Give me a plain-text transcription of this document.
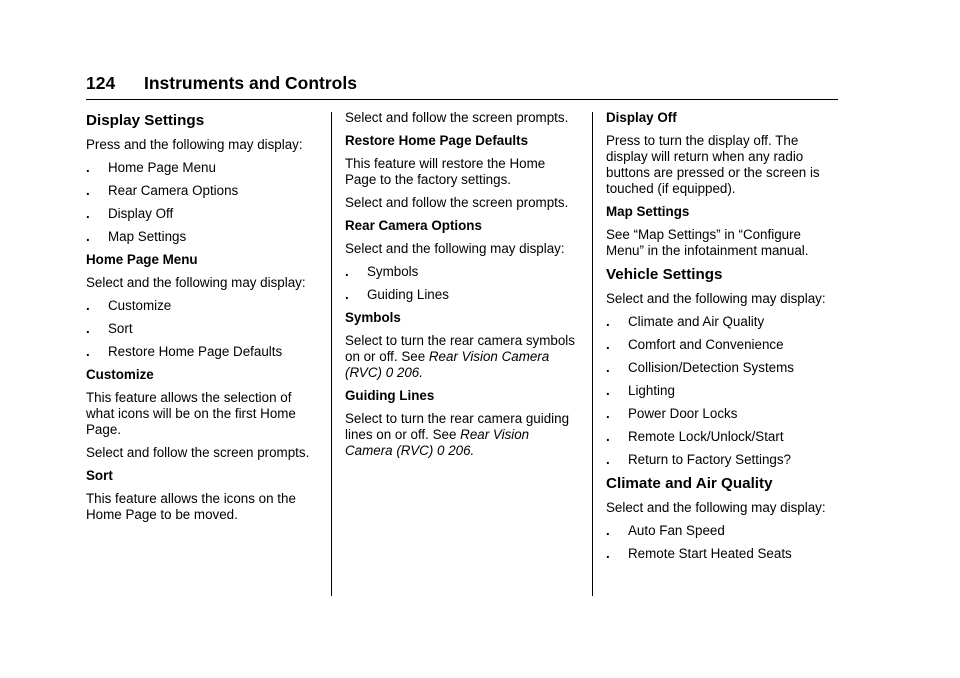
124 Instruments and Controls
Display Settings

Press and the following may display:

. Home Page Menu
. Rear Camera Options
. Display Off
. Map Settings
Home Page Menu

Select and the following may display:

. Customize
. Sort
. Restore Home Page Defaults
Customize

This feature allows the selection of what icons will be on the first Home Page.

Select and follow the screen prompts.

Sort

This feature allows the icons on the Home Page to be moved.

Select and follow the screen prompts.

Restore Home Page Defaults

This feature will restore the Home Page to the factory settings.

Select and follow the screen prompts.

Rear Camera Options

Select and the following may display:

. Symbols
. Guiding Lines
Symbols

Select to turn the rear camera symbols on or off. See Rear Vision Camera (RVC) 0 206.

Guiding Lines

Select to turn the rear camera guiding lines on or off. See Rear Vision Camera (RVC) 0 206.

Display Off

Press to turn the display off. The display will return when any radio buttons are pressed or the screen is touched (if equipped).

Map Settings

See “Map Settings” in “Configure Menu” in the infotainment manual.

Vehicle Settings

Select and the following may display:

. Climate and Air Quality
. Comfort and Convenience
. Collision/Detection Systems
. Lighting
. Power Door Locks
. Remote Lock/Unlock/Start
. Return to Factory Settings?
Climate and Air Quality

Select and the following may display:

. Auto Fan Speed
. Remote Start Heated Seats
